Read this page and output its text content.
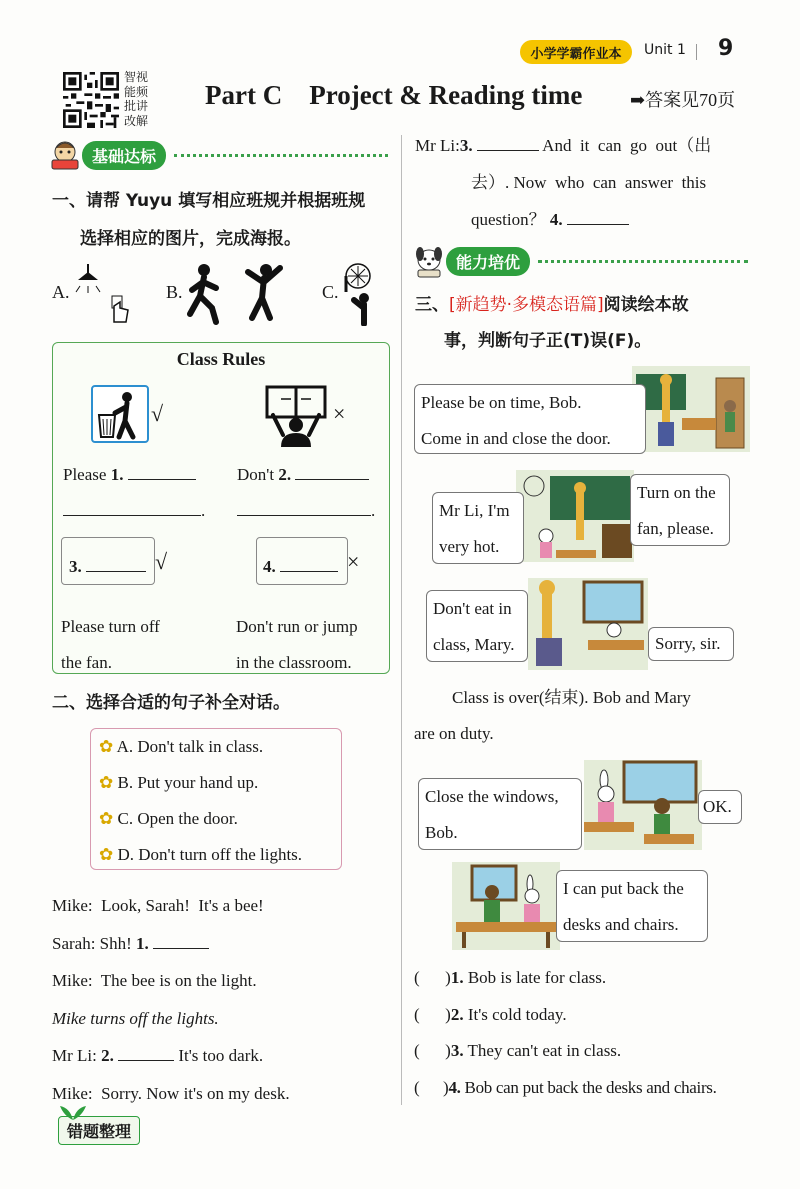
小学学霸作业本	Unit 1 9
智视
能频
批讲
改解
Part C    Project & Reading time	➡答案见70页
基础达标
一、请帮 Yuyu 填写相应班规并根据班规
选择相应的图片，完成海报。
A.	B.	C.
Class Rules
√	×
Please 1.
.
Don't 2.
.
3.	√	4.	×
Please turn off
the fan.
Don't run or jump
in the classroom.
二、选择合适的句子补全对话。
✿ A. Don't talk in class.
✿ B. Put your hand up.
✿ C. Open the door.
✿ D. Don't turn off the lights.
Mike:  Look, Sarah!  It's a bee!
Sarah: Shh! 1.
Mike:  The bee is on the light.
Mike turns off the lights.
Mr Li: 2.	It's too dark.
Mike:  Sorry. Now it's on my desk.
Mr Li:3.	And  it  can  go  out（出
去）. Now  who  can  answer  this
question？ 4.
能力培优
三、[新趋势·多模态语篇]阅读绘本故
事，判断句子正(T)误(F)。
Please be on time, Bob.
Come in and close the door.
Mr Li, I'm
very hot.
Turn on the
fan, please.
Don't eat in
class, Mary.	Sorry, sir.
Class is over(结束). Bob and Mary
are on duty.
Close the windows,
Bob.
OK.
I can put back the
desks and chairs.
(      )1. Bob is late for class.
(      )2. It's cold today.
(      )3. They can't eat in class.
(      )4. Bob can put back the desks and chairs.
错题整理
